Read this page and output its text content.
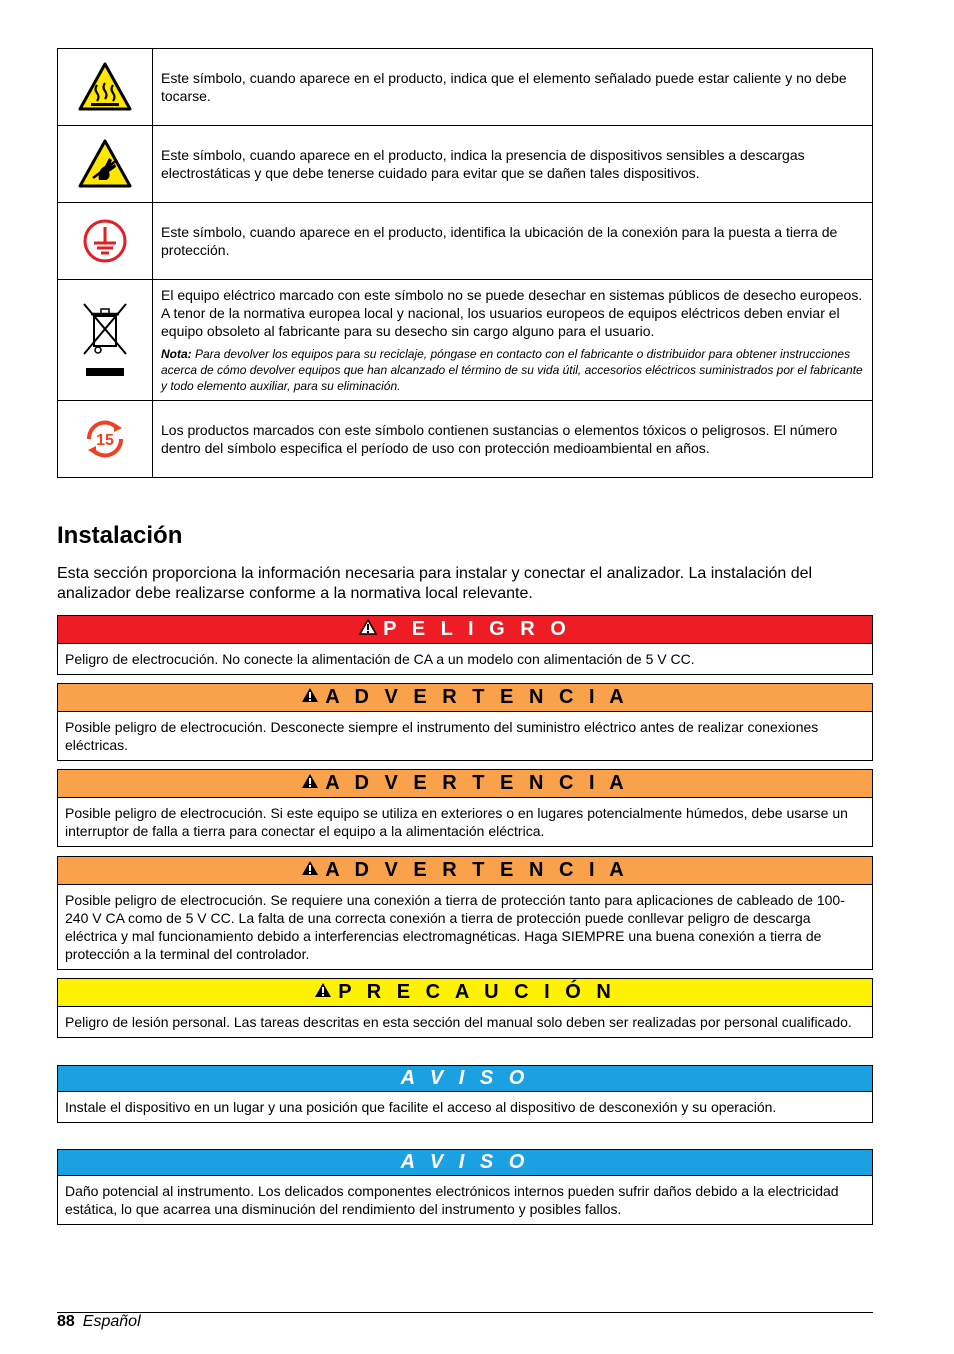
	Este símbolo, cuando aparece en el producto, indica que el elemento señalado puede estar caliente y no debe tocarse.

	Este símbolo, cuando aparece en el producto, indica la presencia de dispositivos sensibles a descargas electrostáticas y que debe tenerse cuidado para evitar que se dañen tales dispositivos.

	Este símbolo, cuando aparece en el producto, identifica la ubicación de la conexión para la puesta a tierra de protección.

El equipo eléctrico marcado con este símbolo no se puede desechar en sistemas públicos de desecho europeos. A tenor de la normativa europea local y nacional, los usuarios europeos de equipos eléctricos deben enviar el equipo obsoleto al fabricante para su desecho sin cargo alguno para el usuario.
Nota: Para devolver los equipos para su reciclaje, póngase en contacto con el fabricante o distribuidor para obtener instrucciones acerca de cómo devolver equipos que han alcanzado el término de su vida útil, accesorios eléctricos suministrados por el fabricante y todo elemento auxiliar, para su eliminación.

15	Los productos marcados con este símbolo contienen sustancias o elementos tóxicos o peligrosos. El número dentro del símbolo especifica el período de uso con protección medioambiental en años.
Instalación

Esta sección proporciona la información necesaria para instalar y conectar el analizador. La instalación del analizador debe realizarse conforme a la normativa local relevante.

P E L I G R O
Peligro de electrocución. No conecte la alimentación de CA a un modelo con alimentación de 5 V CC.
A D V E R T E N C I A
Posible peligro de electrocución. Desconecte siempre el instrumento del suministro eléctrico antes de realizar conexiones eléctricas.
A D V E R T E N C I A
Posible peligro de electrocución. Si este equipo se utiliza en exteriores o en lugares potencialmente húmedos, debe usarse un interruptor de falla a tierra para conectar el equipo a la alimentación eléctrica.
A D V E R T E N C I A
Posible peligro de electrocución. Se requiere una conexión a tierra de protección tanto para aplicaciones de cableado de 100-240 V CA como de 5 V CC. La falta de una correcta conexión a tierra de protección puede conllevar peligro de descarga eléctrica y mal funcionamiento debido a interferencias electromagnéticas. Haga SIEMPRE una buena conexión a tierra de protección a la terminal del controlador.
P R E C A U C I Ó N
Peligro de lesión personal. Las tareas descritas en esta sección del manual solo deben ser realizadas por personal cualificado.
A V I S O
Instale el dispositivo en un lugar y una posición que facilite el acceso al dispositivo de desconexión y su operación.
A V I S O
Daño potencial al instrumento. Los delicados componentes electrónicos internos pueden sufrir daños debido a la electricidad estática, lo que acarrea una disminución del rendimiento del instrumento y posibles fallos.
88 Español
